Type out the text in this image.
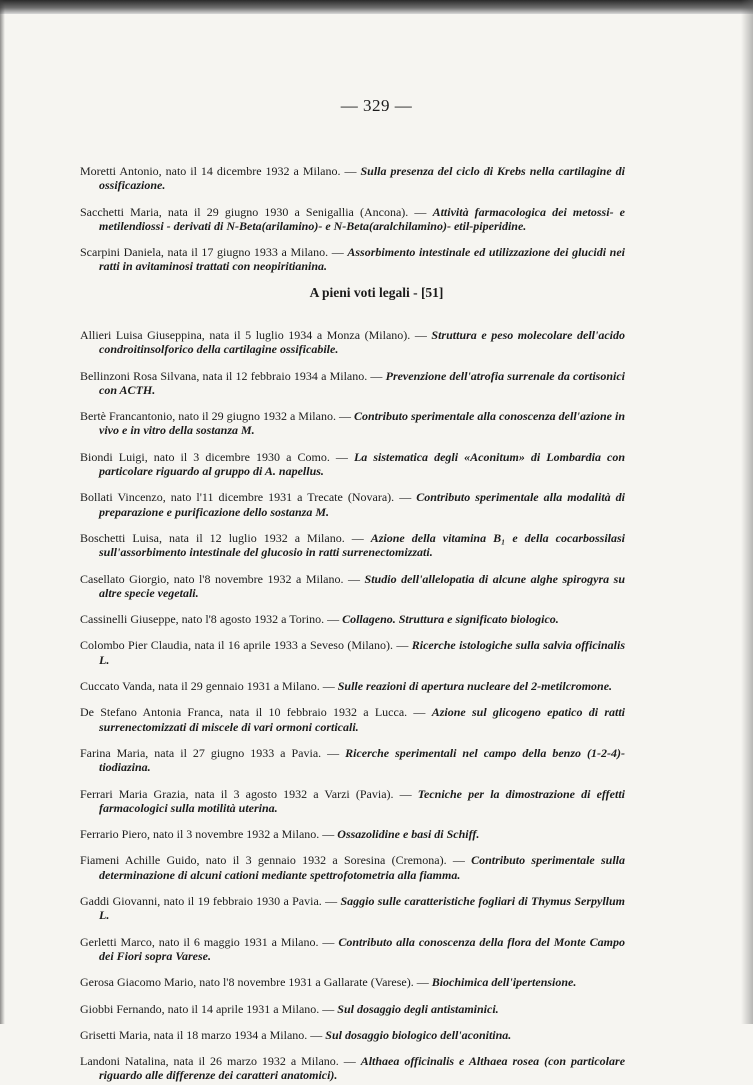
— 329 —

Moretti Antonio, nato il 14 dicembre 1932 a Milano. — Sulla presenza del ciclo di Krebs nella cartilagine di ossificazione.

Sacchetti Maria, nata il 29 giugno 1930 a Senigallia (Ancona). — Attività farmacologica dei metossi- e metilendiossi - derivati di N-Beta(arilamino)- e N-Beta(aralchilamino)- etil-piperidine.

Scarpini Daniela, nata il 17 giugno 1933 a Milano. — Assorbimento intestinale ed utilizzazione dei glucidi nei ratti in avitaminosi trattati con neopiritianina.

A pieni voti legali - [51]

Allieri Luisa Giuseppina, nata il 5 luglio 1934 a Monza (Milano). — Struttura e peso molecolare dell'acido condroitinsolforico della cartilagine ossificabile.

Bellinzoni Rosa Silvana, nata il 12 febbraio 1934 a Milano. — Prevenzione dell'atrofia surrenale da cortisonici con ACTH.

Bertè Francantonio, nato il 29 giugno 1932 a Milano. — Contributo sperimentale alla conoscenza dell'azione in vivo e in vitro della sostanza M.

Biondi Luigi, nato il 3 dicembre 1930 a Como. — La sistematica degli «Aconitum» di Lombardia con particolare riguardo al gruppo di A. napellus.

Bollati Vincenzo, nato l'11 dicembre 1931 a Trecate (Novara). — Contributo sperimentale alla modalità di preparazione e purificazione dello sostanza M.

Boschetti Luisa, nata il 12 luglio 1932 a Milano. — Azione della vitamina B₁ e della cocarbossilasi sull'assorbimento intestinale del glucosio in ratti surrenectomizzati.

Casellato Giorgio, nato l'8 novembre 1932 a Milano. — Studio dell'allelopatia di alcune alghe spirogyra su altre specie vegetali.

Cassinelli Giuseppe, nato l'8 agosto 1932 a Torino. — Collageno. Struttura e significato biologico.

Colombo Pier Claudia, nata il 16 aprile 1933 a Seveso (Milano). — Ricerche istologiche sulla salvia officinalis L.

Cuccato Vanda, nata il 29 gennaio 1931 a Milano. — Sulle reazioni di apertura nucleare del 2-metilcromone.

De Stefano Antonia Franca, nata il 10 febbraio 1932 a Lucca. — Azione sul glicogeno epatico di ratti surrenectomizzati di miscele di vari ormoni corticali.

Farina Maria, nata il 27 giugno 1933 a Pavia. — Ricerche sperimentali nel campo della benzo (1-2-4)-tiodiazina.

Ferrari Maria Grazia, nata il 3 agosto 1932 a Varzi (Pavia). — Tecniche per la dimostrazione di effetti farmacologici sulla motilità uterina.

Ferrario Piero, nato il 3 novembre 1932 a Milano. — Ossazolidine e basi di Schiff.

Fiameni Achille Guido, nato il 3 gennaio 1932 a Soresina (Cremona). — Contributo sperimentale sulla determinazione di alcuni cationi mediante spettrofotometria alla fiamma.

Gaddi Giovanni, nato il 19 febbraio 1930 a Pavia. — Saggio sulle caratteristiche fogliari di Thymus Serpyllum L.

Gerletti Marco, nato il 6 maggio 1931 a Milano. — Contributo alla conoscenza della flora del Monte Campo dei Fiori sopra Varese.

Gerosa Giacomo Mario, nato l'8 novembre 1931 a Gallarate (Varese). — Biochimica dell'ipertensione.

Giobbi Fernando, nato il 14 aprile 1931 a Milano. — Sul dosaggio degli antistaminici.

Grisetti Maria, nata il 18 marzo 1934 a Milano. — Sul dosaggio biologico dell'aconitina.

Landoni Natalina, nata il 26 marzo 1932 a Milano. — Althaea officinalis e Althaea rosea (con particolare riguardo alle differenze dei caratteri anatomici).
